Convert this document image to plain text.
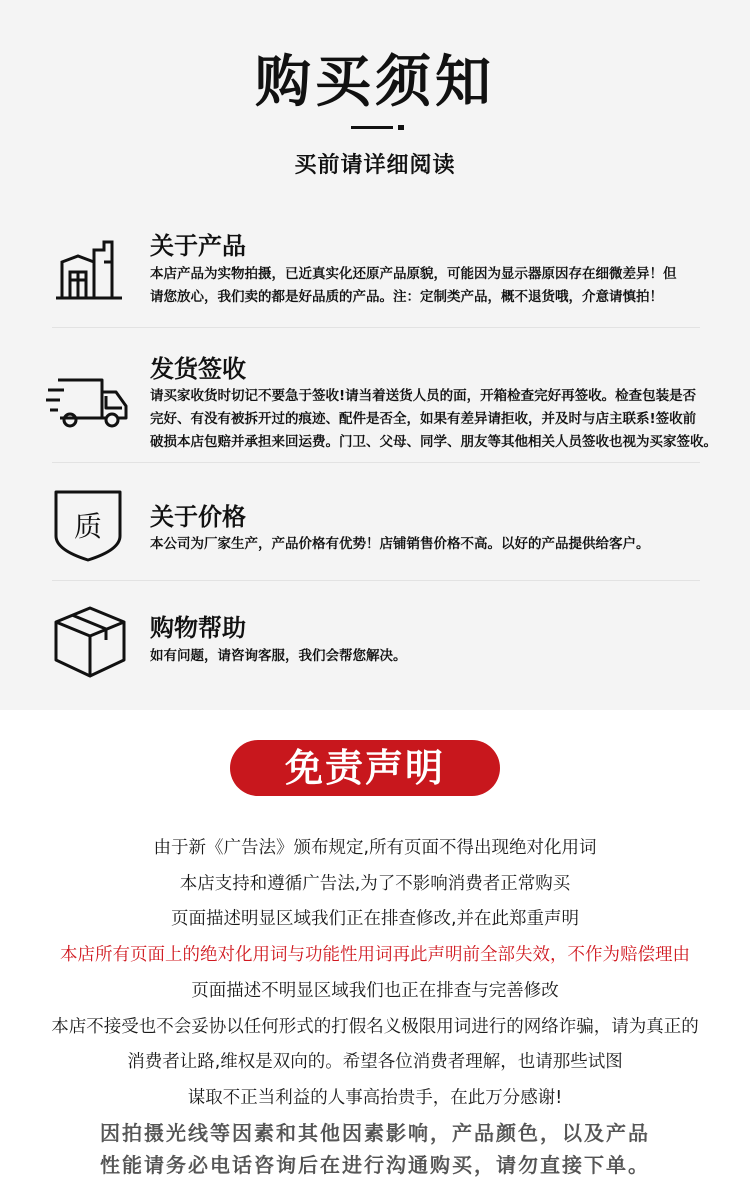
购买须知
买前请详细阅读
关于产品
本店产品为实物拍摄，已近真实化还原产品原貌，可能因为显示器原因存在细微差异！但
请您放心，我们卖的都是好品质的产品。注：定制类产品，概不退货哦，介意请慎拍！
发货签收
请买家收货时切记不要急于签收!请当着送货人员的面，开箱检查完好再签收。检查包装是否
完好、有没有被拆开过的痕迹、配件是否全，如果有差异请拒收，并及时与店主联系!签收前
破损本店包赔并承担来回运费。门卫、父母、同学、朋友等其他相关人员签收也视为买家签收。
质	关于价格
本公司为厂家生产，产品价格有优势！店铺销售价格不高。以好的产品提供给客户。
购物帮助
如有问题，请咨询客服，我们会帮您解决。
免责声明
由于新《广告法》颁布规定,所有页面不得出现绝对化用词
本店支持和遵循广告法,为了不影响消费者正常购买
页面描述明显区域我们正在排查修改,并在此郑重声明
本店所有页面上的绝对化用词与功能性用词再此声明前全部失效，不作为赔偿理由
页面描述不明显区域我们也正在排查与完善修改
本店不接受也不会妥协以任何形式的打假名义极限用词进行的网络诈骗，请为真正的
消费者让路,维权是双向的。希望各位消费者理解，也请那些试图
谋取不正当利益的人事高抬贵手，在此万分感谢!
因拍摄光线等因素和其他因素影响，产品颜色，以及产品
性能请务必电话咨询后在进行沟通购买，请勿直接下单。
